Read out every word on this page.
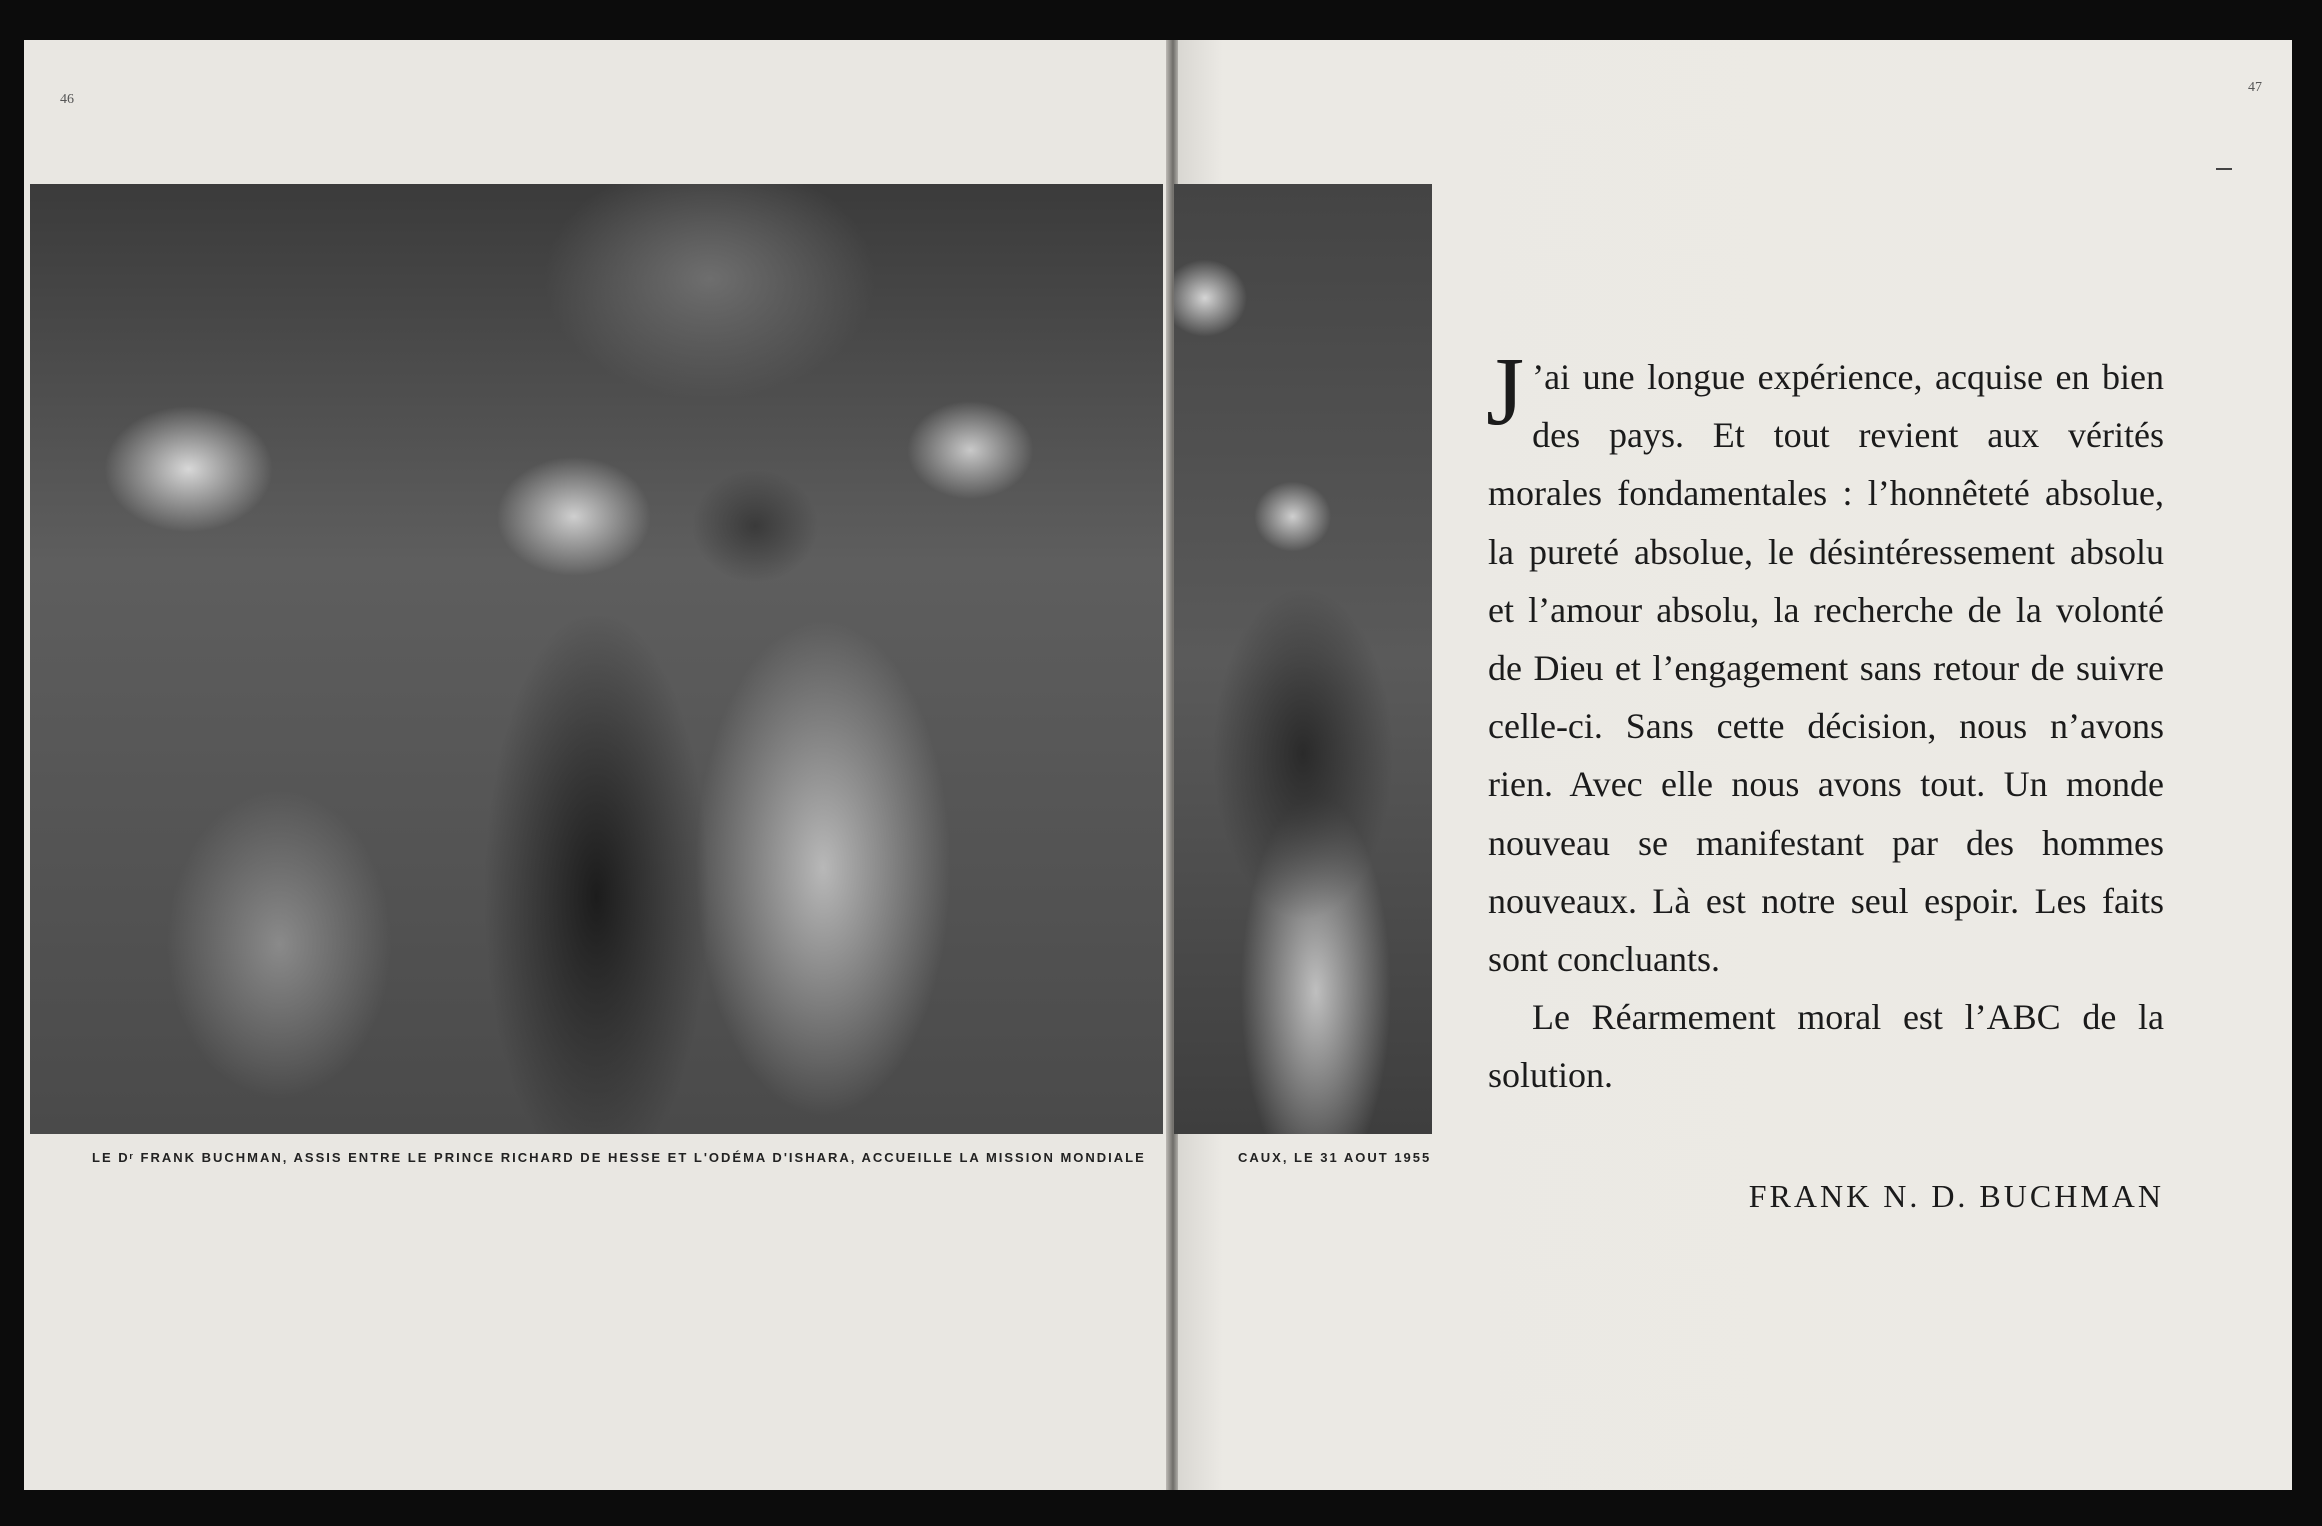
46
47
LE Dʳ FRANK BUCHMAN, ASSIS ENTRE LE PRINCE RICHARD DE HESSE ET L'ODÉMA D'ISHARA, ACCUEILLE LA MISSION MONDIALE	CAUX, LE 31 AOUT 1955

J ’ai une longue expérience, acquise en bien des pays. Et tout revient aux vérités morales fondamentales : l’honnêteté absolue, la pureté absolue, le désintéressement absolu et l’amour absolu, la recherche de la volonté de Dieu et l’engagement sans retour de suivre celle-ci. Sans cette décision, nous n’avons rien. Avec elle nous avons tout. Un monde nouveau se manifestant par des hommes nouveaux. Là est notre seul espoir. Les faits sont concluants.

Le Réarmement moral est l’ABC de la solution.

FRANK N. D. BUCHMAN
